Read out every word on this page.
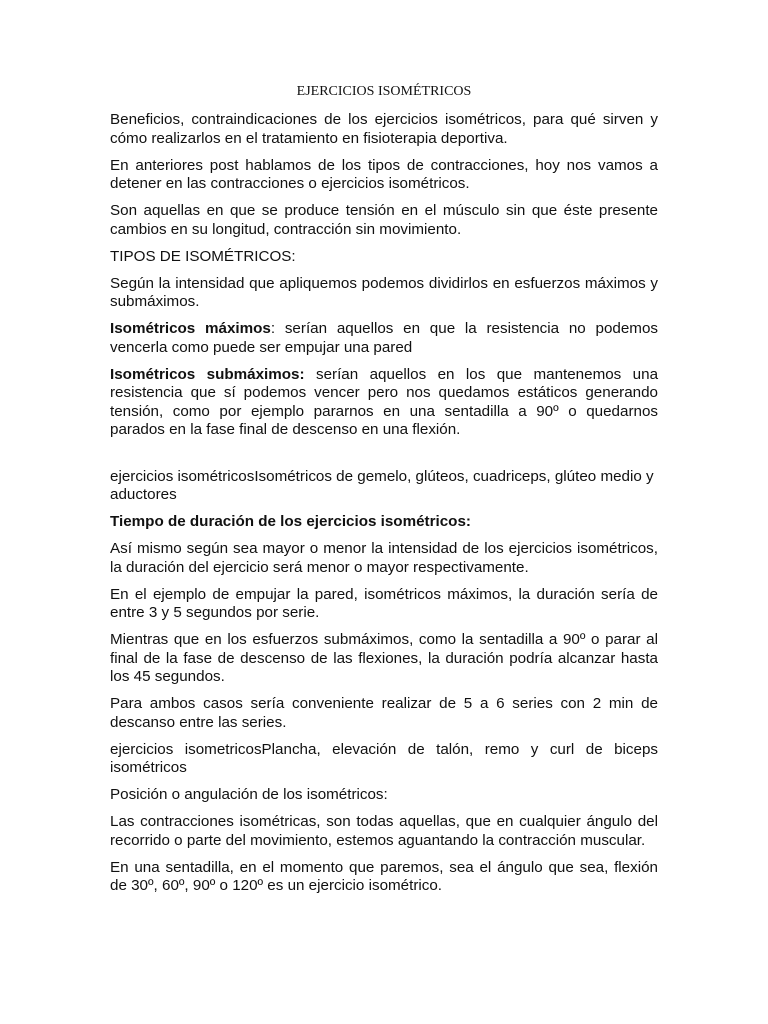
EJERCICIOS ISOMÉTRICOS

Beneficios, contraindicaciones de los ejercicios isométricos, para qué sirven y cómo realizarlos en el tratamiento en fisioterapia deportiva.

En anteriores post hablamos de los tipos de contracciones, hoy nos vamos a detener en las contracciones o ejercicios isométricos.

Son aquellas en que se produce tensión en el músculo sin que éste presente cambios en su longitud, contracción sin movimiento.

TIPOS DE ISOMÉTRICOS:

Según la intensidad que apliquemos podemos dividirlos en esfuerzos máximos y submáximos.

Isométricos máximos: serían aquellos en que la resistencia no podemos vencerla como puede ser empujar una pared

Isométricos submáximos: serían aquellos en los que mantenemos una resistencia que sí podemos vencer pero nos quedamos estáticos generando tensión, como por ejemplo pararnos en una sentadilla a 90º o quedarnos parados en la fase final de descenso en una flexión.

ejercicios isométricosIsométricos de gemelo, glúteos, cuadriceps, glúteo medio y aductores

Tiempo de duración de los ejercicios isométricos:

Así mismo según sea mayor o menor la intensidad de los ejercicios isométricos, la duración del ejercicio será menor o mayor respectivamente.

En el ejemplo de empujar la pared, isométricos máximos, la duración sería de entre 3 y 5 segundos por serie.

Mientras que en los esfuerzos submáximos, como la sentadilla a 90º o parar al final de la fase de descenso de las flexiones, la duración podría alcanzar hasta los 45 segundos.

Para ambos casos sería conveniente realizar de 5 a 6 series con 2 min de descanso entre las series.

ejercicios isometricosPlancha, elevación de talón, remo y curl de biceps isométricos

Posición o angulación de los isométricos:

Las contracciones isométricas, son todas aquellas, que en cualquier ángulo del recorrido o parte del movimiento, estemos aguantando la contracción muscular.

En una sentadilla, en el momento que paremos, sea el ángulo que sea, flexión de 30º, 60º, 90º o 120º es un ejercicio isométrico.
